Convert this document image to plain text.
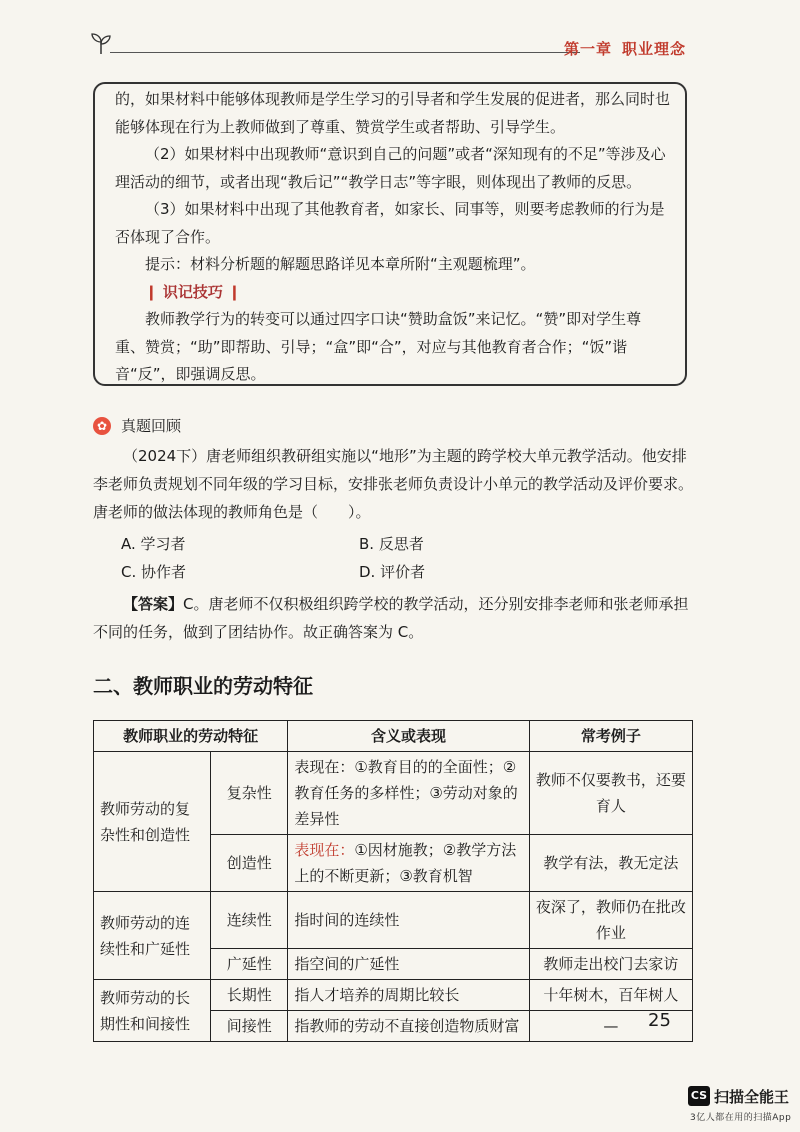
第一章 职业理念

的，如果材料中能够体现教师是学生学习的引导者和学生发展的促进者，那么同时也能够体现在行为上教师做到了尊重、赞赏学生或者帮助、引导学生。

（2）如果材料中出现教师“意识到自己的问题”或者“深知现有的不足”等涉及心理活动的细节，或者出现“教后记”“教学日志”等字眼，则体现出了教师的反思。

（3）如果材料中出现了其他教育者，如家长、同事等，则要考虑教师的行为是否体现了合作。

提示：材料分析题的解题思路详见本章所附“主观题梳理”。

❙ 识记技巧 ❙

教师教学行为的转变可以通过四字口诀“赞助盒饭”来记忆。“赞”即对学生尊重、赞赏；“助”即帮助、引导；“盒”即“合”，对应与其他教育者合作；“饭”谐音“反”，即强调反思。

✿ 真题回顾

（2024下）唐老师组织教研组实施以“地形”为主题的跨学校大单元教学活动。他安排李老师负责规划不同年级的学习目标，安排张老师负责设计小单元的教学活动及评价要求。唐老师的做法体现的教师角色是（　　）。

A. 学习者	B. 反思者
C. 协作者	D. 评价者

【答案】C。唐老师不仅积极组织跨学校的教学活动，还分别安排李老师和张老师承担不同的任务，做到了团结协作。故正确答案为 C。

二、教师职业的劳动特征
教师职业的劳动特征		含义或表现	常考例子
教师劳动的复杂性和创造性	复杂性	表现在：①教育目的的全面性；②教育任务的多样性；③劳动对象的差异性	教师不仅要教书，还要育人
	创造性	表现在：①因材施教；②教学方法上的不断更新；③教育机智	教学有法，教无定法
教师劳动的连续性和广延性	连续性	指时间的连续性	夜深了，教师仍在批改作业
	广延性	指空间的广延性	教师走出校门去家访
教师劳动的长期性和间接性	长期性	指人才培养的周期比较长	十年树木，百年树人
	间接性	指教师的劳动不直接创造物质财富	— 25
CS 扫描全能王
3亿人都在用的扫描App
